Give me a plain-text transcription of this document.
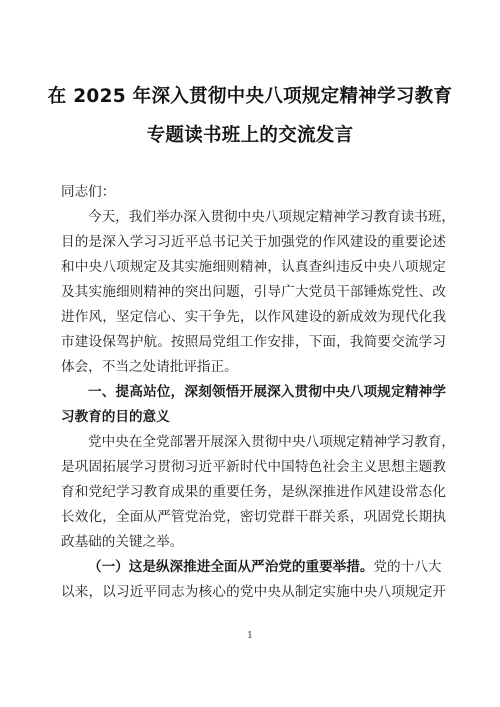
在 2025 年深入贯彻中央八项规定精神学习教育
专题读书班上的交流发言
同志们：
今天，我们举办深入贯彻中央八项规定精神学习教育读书班，
目的是深入学习习近平总书记关于加强党的作风建设的重要论述
和中央八项规定及其实施细则精神，认真查纠违反中央八项规定
及其实施细则精神的突出问题，引导广大党员干部锤炼党性、改
进作风，坚定信心、实干争先，以作风建设的新成效为现代化我
市建设保驾护航。按照局党组工作安排，下面，我简要交流学习
体会，不当之处请批评指正。
一、提高站位，深刻领悟开展深入贯彻中央八项规定精神学
习教育的目的意义
党中央在全党部署开展深入贯彻中央八项规定精神学习教育，
是巩固拓展学习贯彻习近平新时代中国特色社会主义思想主题教
育和党纪学习教育成果的重要任务，是纵深推进作风建设常态化
长效化，全面从严管党治党，密切党群干群关系，巩固党长期执
政基础的关键之举。
（一）这是纵深推进全面从严治党的重要举措。党的十八大
以来，以习近平同志为核心的党中央从制定实施中央八项规定开
1
